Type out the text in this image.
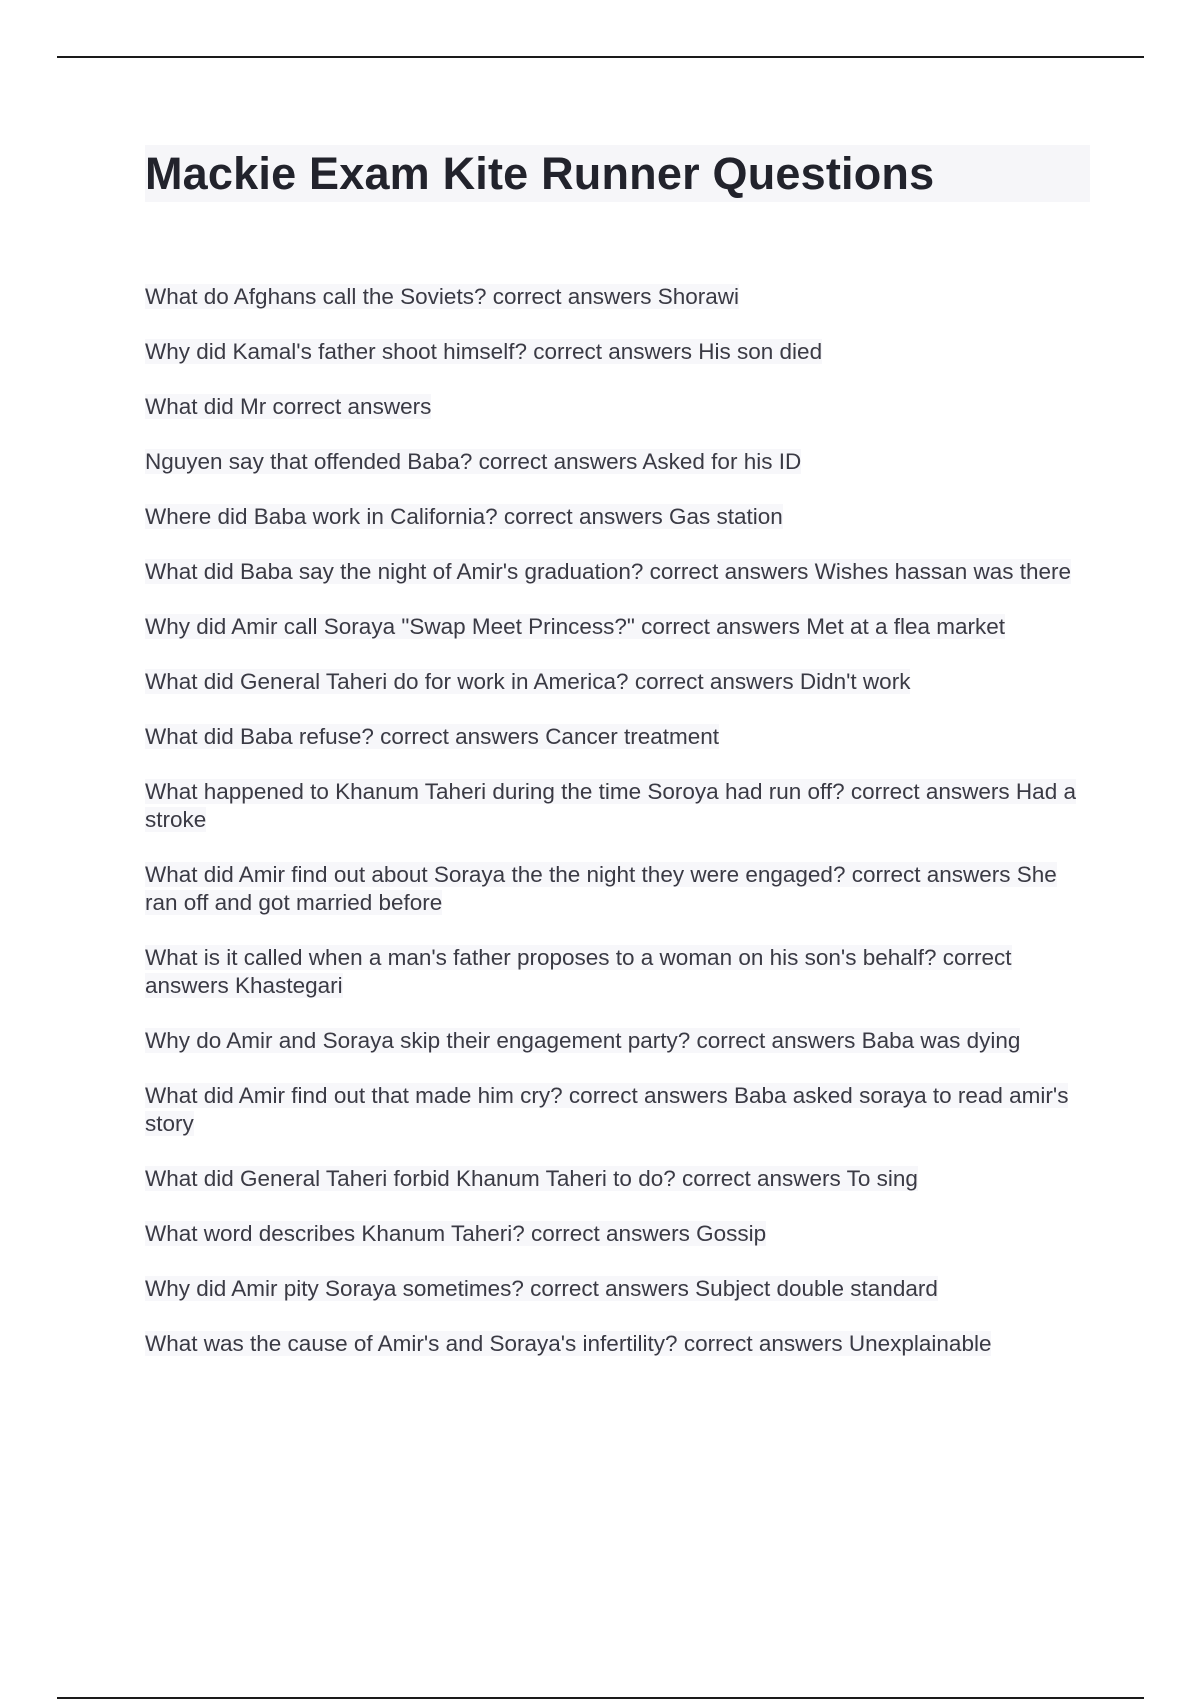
Mackie Exam Kite Runner Questions
What do Afghans call the Soviets? correct answers Shorawi
Why did Kamal's father shoot himself? correct answers His son died
What did Mr correct answers
Nguyen say that offended Baba? correct answers Asked for his ID
Where did Baba work in California? correct answers Gas station
What did Baba say the night of Amir's graduation? correct answers Wishes hassan was there
Why did Amir call Soraya "Swap Meet Princess?" correct answers Met at a flea market
What did General Taheri do for work in America? correct answers Didn't work
What did Baba refuse? correct answers Cancer treatment
What happened to Khanum Taheri during the time Soroya had run off? correct answers Had a stroke
What did Amir find out about Soraya the the night they were engaged? correct answers She ran off and got married before
What is it called when a man's father proposes to a woman on his son's behalf? correct answers Khastegari
Why do Amir and Soraya skip their engagement party? correct answers Baba was dying
What did Amir find out that made him cry? correct answers Baba asked soraya to read amir's story
What did General Taheri forbid Khanum Taheri to do? correct answers To sing
What word describes Khanum Taheri? correct answers Gossip
Why did Amir pity Soraya sometimes? correct answers Subject double standard
What was the cause of Amir's and Soraya's infertility? correct answers Unexplainable
